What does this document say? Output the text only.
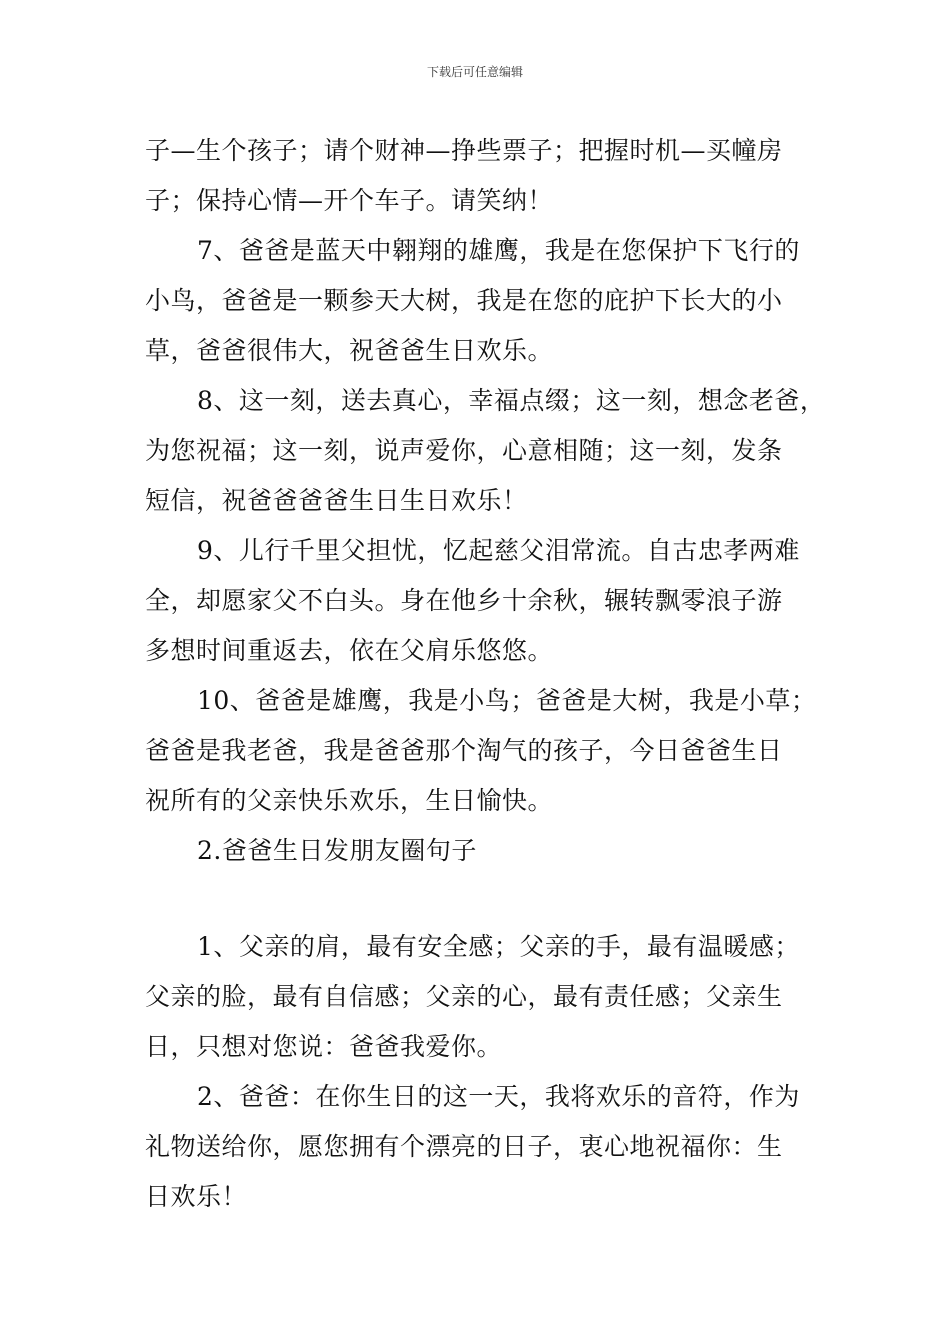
下载后可任意编辑
子—生个孩子；请个财神—挣些票子；把握时机—买幢房
子；保持心情—开个车子。请笑纳！
7、爸爸是蓝天中翱翔的雄鹰，我是在您保护下飞行的
小鸟，爸爸是一颗参天大树，我是在您的庇护下长大的小
草，爸爸很伟大，祝爸爸生日欢乐。
8、这一刻，送去真心，幸福点缀；这一刻，想念老爸，
为您祝福；这一刻，说声爱你，心意相随；这一刻，发条
短信，祝爸爸爸爸生日生日欢乐！
9、儿行千里父担忧，忆起慈父泪常流。自古忠孝两难
全，却愿家父不白头。身在他乡十余秋，辗转飘零浪子游
多想时间重返去，依在父肩乐悠悠。
10、爸爸是雄鹰，我是小鸟；爸爸是大树，我是小草；
爸爸是我老爸，我是爸爸那个淘气的孩子，今日爸爸生日
祝所有的父亲快乐欢乐，生日愉快。
2.爸爸生日发朋友圈句子
1、父亲的肩，最有安全感；父亲的手，最有温暖感；
父亲的脸，最有自信感；父亲的心，最有责任感；父亲生
日，只想对您说：爸爸我爱你。
2、爸爸：在你生日的这一天，我将欢乐的音符，作为
礼物送给你，愿您拥有个漂亮的日子，衷心地祝福你：生
日欢乐！
